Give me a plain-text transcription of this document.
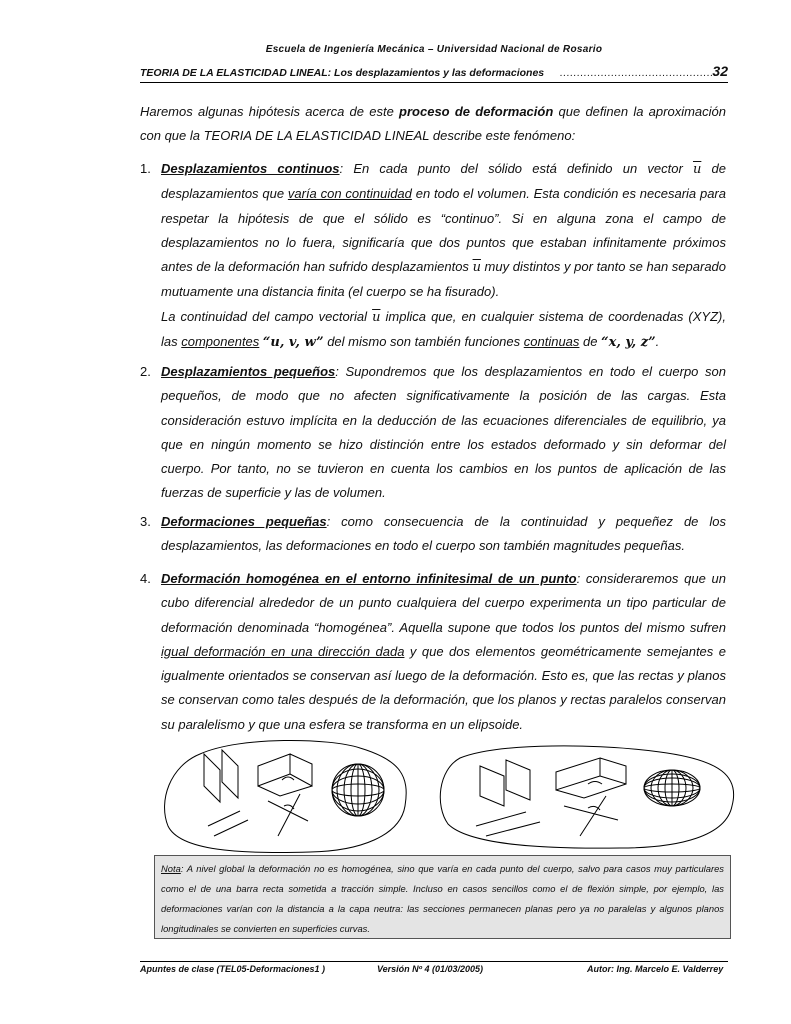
Escuela de Ingeniería Mecánica – Universidad Nacional de Rosario
TEORIA DE LA ELASTICIDAD LINEAL: Los desplazamientos y las deformaciones ..............................................
32
Haremos algunas hipótesis acerca de este proceso de deformación que definen la aproximación con que la TEORIA DE LA ELASTICIDAD LINEAL describe este fenómeno:
1. Desplazamientos continuos: En cada punto del sólido está definido un vector $\overline{u}$ de desplazamientos que varía con continuidad en todo el volumen. Esta condición es necesaria para respetar la hipótesis de que el sólido es “continuo”. Si en alguna zona el campo de desplazamientos no lo fuera, significaría que dos puntos que estaban infinitamente próximos antes de la deformación han sufrido desplazamientos $\overline{u}$ muy distintos y por tanto se han separado mutuamente una distancia finita (el cuerpo se ha fisurado).

La continuidad del campo vectorial $\overline{u}$ implica que, en cualquier sistema de coordenadas (XYZ), las componentes “u, v, w” del mismo son también funciones continuas de “x, y, z”.

2. Desplazamientos pequeños: Supondremos que los desplazamientos en todo el cuerpo son pequeños, de modo que no afecten significativamente la posición de las cargas. Esta consideración estuvo implícita en la deducción de las ecuaciones diferenciales de equilibrio, ya que en ningún momento se hizo distinción entre los estados deformado y sin deformar del cuerpo. Por tanto, no se tuvieron en cuenta los cambios en los puntos de aplicación de las fuerzas de superficie y las de volumen.
3. Deformaciones pequeñas: como consecuencia de la continuidad y pequeñez de los desplazamientos, las deformaciones en todo el cuerpo son también magnitudes pequeñas.
4. Deformación homogénea en el entorno infinitesimal de un punto: consideraremos que un cubo diferencial alrededor de un punto cualquiera del cuerpo experimenta un tipo particular de deformación denominada “homogénea”. Aquella supone que todos los puntos del mismo sufren igual deformación en una dirección dada y que dos elementos geométricamente semejantes e igualmente orientados se conservan así luego de la deformación. Esto es, que las rectas y planos se conservan como tales después de la deformación, que los planos y rectas paralelos conservan su paralelismo y que una esfera se transforma en un elipsoide.
Nota: A nivel global la deformación no es homogénea, sino que varía en cada punto del cuerpo, salvo para casos muy particulares como el de una barra recta sometida a tracción simple. Incluso en casos sencillos como el de flexión simple, por ejemplo, las deformaciones varían con la distancia a la capa neutra: las secciones permanecen planas pero ya no paralelas y algunos planos longitudinales se convierten en superficies curvas.
Apuntes de clase (TEL05-Deformaciones1 )	Versión Nº 4 (01/03/2005)	Autor: Ing. Marcelo E. Valderrey
